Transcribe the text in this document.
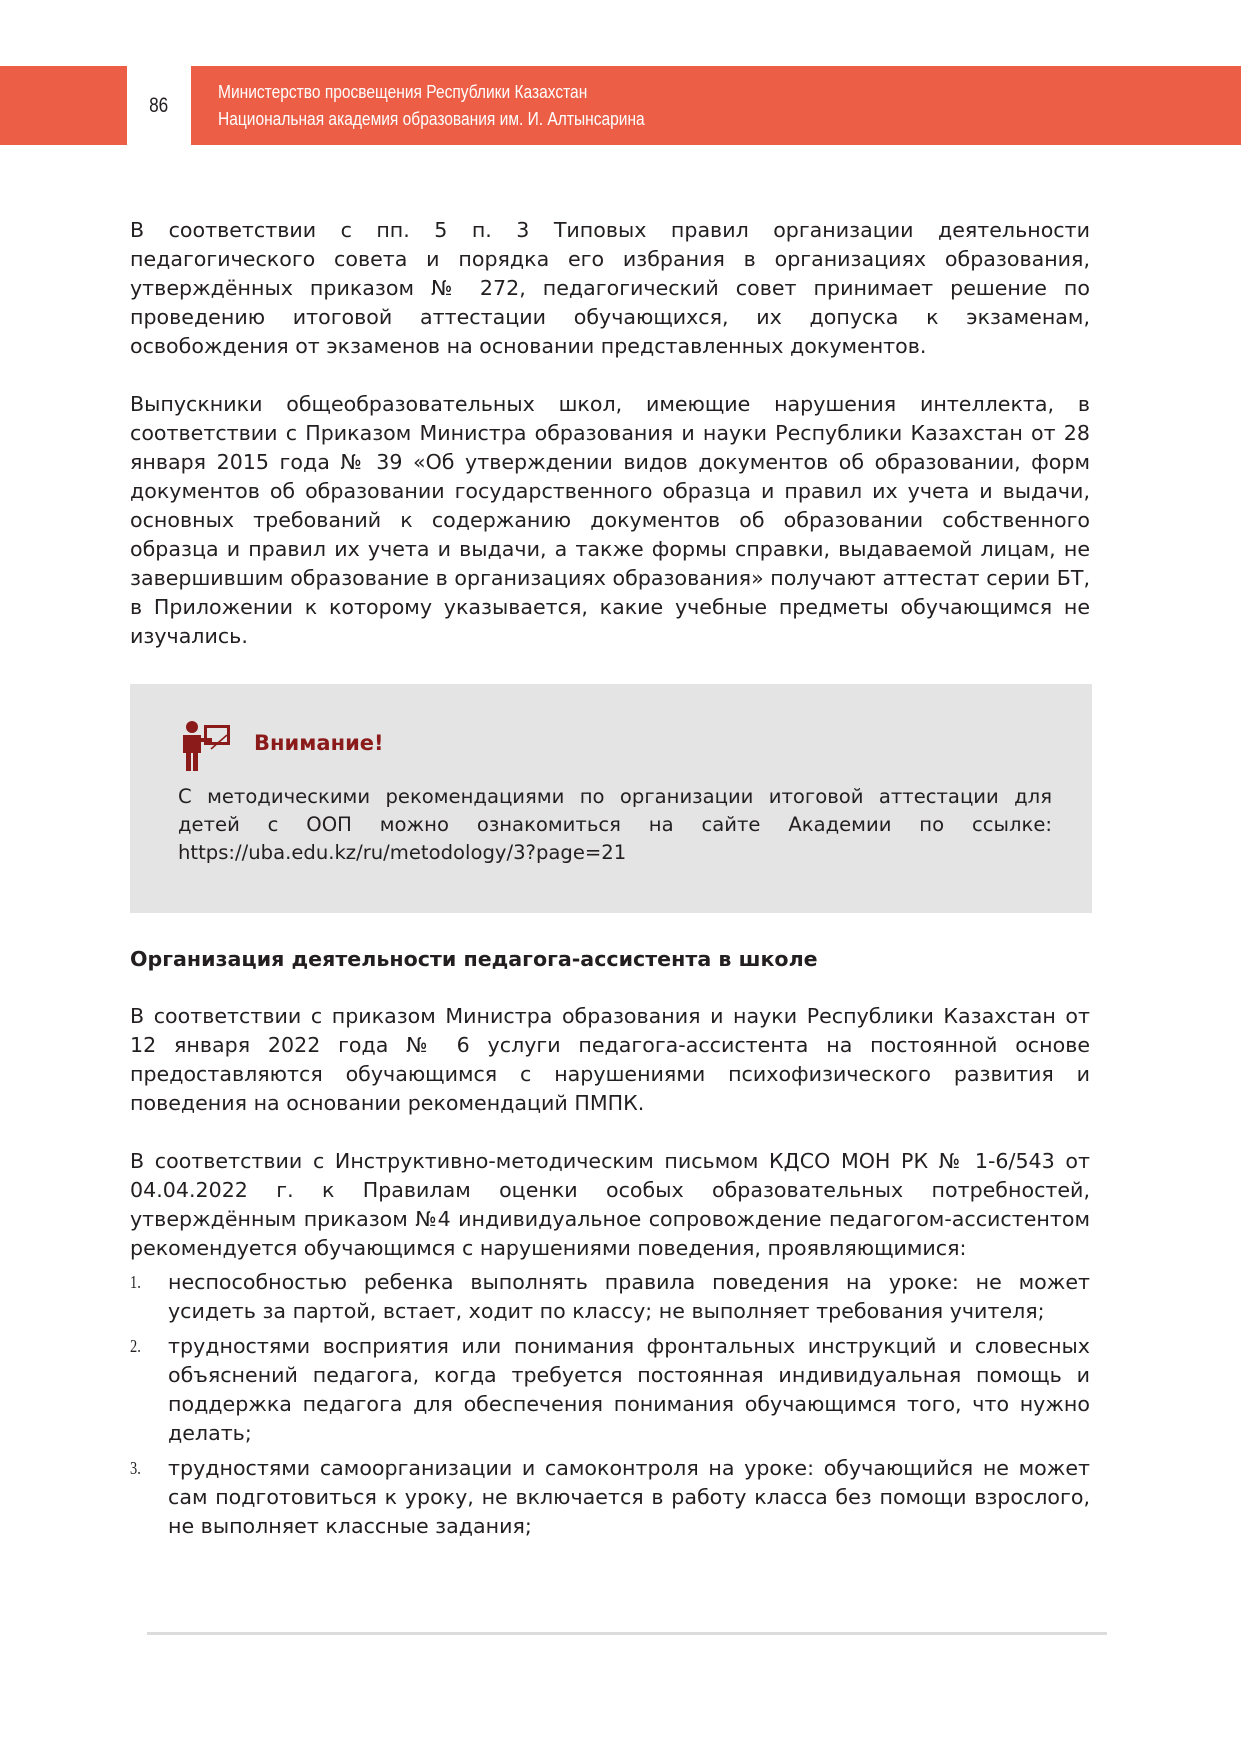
86
Министерство просвещения Республики Казахстан
Национальная академия образования им. И. Алтынсарина

В соответствии с пп. 5 п. 3 Типовых правил организации деятельности педагогического совета и порядка его избрания в организациях образования, утверждённых приказом № 272, педагогический совет принимает решение по проведению итоговой аттестации обучающихся, их допуска к экзаменам, освобождения от экзаменов на основании представленных документов.

Выпускники общеобразовательных школ, имеющие нарушения интеллекта, в соответствии с Приказом Министра образования и науки Республики Казахстан от 28 января 2015 года № 39 «Об утверждении видов документов об образовании, форм документов об образовании государственного образца и правил их учета и выдачи, основных требований к содержанию документов об образовании собственного образца и правил их учета и выдачи, а также формы справки, выдаваемой лицам, не завершившим образование в организациях образования» получают аттестат серии БТ, в Приложении к которому указывается, какие учебные предметы обучающимся не изучались.

Внимание!

С методическими рекомендациями по организации итоговой аттестации для детей с ООП можно ознакомиться на сайте Академии по ссылке: https://uba.edu.kz/ru/metodology/3?page=21

Организация деятельности педагога-ассистента в школе

В соответствии с приказом Министра образования и науки Республики Казахстан от 12 января 2022 года № 6 услуги педагога-ассистента на постоянной основе предоставляются обучающимся с нарушениями психофизического развития и поведения на основании рекомендаций ПМПК.

В соответствии с Инструктивно-методическим письмом КДСО МОН РК № 1-6/543 от 04.04.2022 г. к Правилам оценки особых образовательных потребностей, утверждённым приказом №4 индивидуальное сопровождение педагогом-ассистентом рекомендуется обучающимся с нарушениями поведения, проявляющимися:

1.	неспособностью ребенка выполнять правила поведения на уроке: не может усидеть за партой, встает, ходит по классу; не выполняет требования учителя;
2.	трудностями восприятия или понимания фронтальных инструкций и словесных объяснений педагога, когда требуется постоянная индивидуальная помощь и поддержка педагога для обеспечения понимания обучающимся того, что нужно делать;
3.	трудностями самоорганизации и самоконтроля на уроке: обучающийся не может сам подготовиться к уроку, не включается в работу класса без помощи взрослого, не выполняет классные задания;
